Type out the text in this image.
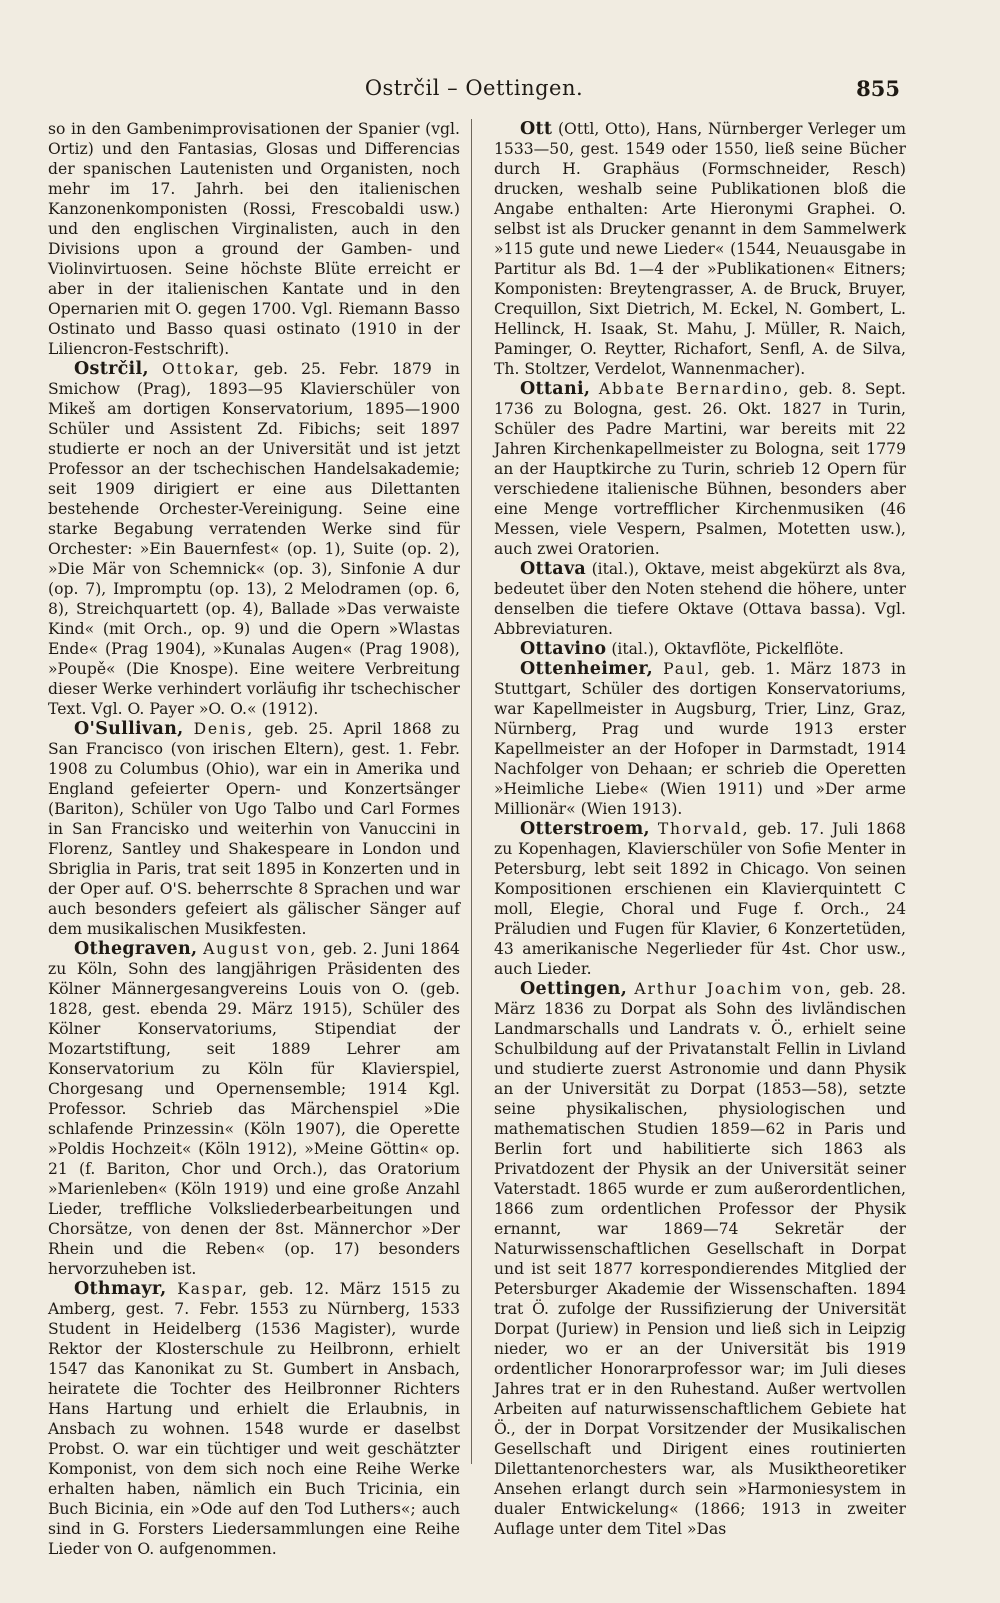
Ostrčil – Oettingen.	855

so in den Gambenimprovisationen der Spanier (vgl. Ortiz) und den Fantasias, Glosas und Differencias der spanischen Lautenisten und Organisten, noch mehr im 17. Jahrh. bei den italienischen Kanzonenkomponisten (Rossi, Frescobaldi usw.) und den englischen Virginalisten, auch in den Divisions upon a ground der Gamben- und Violinvirtuosen. Seine höchste Blüte erreicht er aber in der italienischen Kantate und in den Opernarien mit O. gegen 1700. Vgl. Riemann Basso Ostinato und Basso quasi ostinato (1910 in der Liliencron-Festschrift).

Ostrčil, Ottokar, geb. 25. Febr. 1879 in Smichow (Prag), 1893—95 Klavierschüler von Mikeš am dortigen Konservatorium, 1895—1900 Schüler und Assistent Zd. Fibichs; seit 1897 studierte er noch an der Universität und ist jetzt Professor an der tschechischen Handelsakademie; seit 1909 dirigiert er eine aus Dilettanten bestehende Orchester-Vereinigung. Seine eine starke Begabung verratenden Werke sind für Orchester: »Ein Bauernfest« (op. 1), Suite (op. 2), »Die Mär von Schemnick« (op. 3), Sinfonie A dur (op. 7), Impromptu (op. 13), 2 Melodramen (op. 6, 8), Streichquartett (op. 4), Ballade »Das verwaiste Kind« (mit Orch., op. 9) und die Opern »Wlastas Ende« (Prag 1904), »Kunalas Augen« (Prag 1908), »Poupě« (Die Knospe). Eine weitere Verbreitung dieser Werke verhindert vorläufig ihr tschechischer Text. Vgl. O. Payer »O. O.« (1912).

O'Sullivan, Denis, geb. 25. April 1868 zu San Francisco (von irischen Eltern), gest. 1. Febr. 1908 zu Columbus (Ohio), war ein in Amerika und England gefeierter Opern- und Konzertsänger (Bariton), Schüler von Ugo Talbo und Carl Formes in San Francisko und weiterhin von Vanuccini in Florenz, Santley und Shakespeare in London und Sbriglia in Paris, trat seit 1895 in Konzerten und in der Oper auf. O'S. beherrschte 8 Sprachen und war auch besonders gefeiert als gälischer Sänger auf dem musikalischen Musikfesten.

Othegraven, August von, geb. 2. Juni 1864 zu Köln, Sohn des langjährigen Präsidenten des Kölner Männergesangvereins Louis von O. (geb. 1828, gest. ebenda 29. März 1915), Schüler des Kölner Konservatoriums, Stipendiat der Mozartstiftung, seit 1889 Lehrer am Konservatorium zu Köln für Klavierspiel, Chorgesang und Opernensemble; 1914 Kgl. Professor. Schrieb das Märchenspiel »Die schlafende Prinzessin« (Köln 1907), die Operette »Poldis Hochzeit« (Köln 1912), »Meine Göttin« op. 21 (f. Bariton, Chor und Orch.), das Oratorium »Marienleben« (Köln 1919) und eine große Anzahl Lieder, treffliche Volksliederbearbeitungen und Chorsätze, von denen der 8st. Männerchor »Der Rhein und die Reben« (op. 17) besonders hervorzuheben ist.

Othmayr, Kaspar, geb. 12. März 1515 zu Amberg, gest. 7. Febr. 1553 zu Nürnberg, 1533 Student in Heidelberg (1536 Magister), wurde Rektor der Klosterschule zu Heilbronn, erhielt 1547 das Kanonikat zu St. Gumbert in Ansbach, heiratete die Tochter des Heilbronner Richters Hans Hartung und erhielt die Erlaubnis, in Ansbach zu wohnen. 1548 wurde er daselbst Probst. O. war ein tüchtiger und weit geschätzter Komponist, von dem sich noch eine Reihe Werke erhalten haben, nämlich ein Buch Tricinia, ein Buch Bicinia, ein »Ode auf den Tod Luthers«; auch sind in G. Forsters Liedersammlungen eine Reihe Lieder von O. aufgenommen.

Ott (Ottl, Otto), Hans, Nürnberger Verleger um 1533—50, gest. 1549 oder 1550, ließ seine Bücher durch H. Graphäus (Formschneider, Resch) drucken, weshalb seine Publikationen bloß die Angabe enthalten: Arte Hieronymi Graphei. O. selbst ist als Drucker genannt in dem Sammelwerk »115 gute und newe Lieder« (1544, Neuausgabe in Partitur als Bd. 1—4 der »Publikationen« Eitners; Komponisten: Breytengrasser, A. de Bruck, Bruyer, Crequillon, Sixt Dietrich, M. Eckel, N. Gombert, L. Hellinck, H. Isaak, St. Mahu, J. Müller, R. Naich, Paminger, O. Reytter, Richafort, Senfl, A. de Silva, Th. Stoltzer, Verdelot, Wannenmacher).

Ottani, Abbate Bernardino, geb. 8. Sept. 1736 zu Bologna, gest. 26. Okt. 1827 in Turin, Schüler des Padre Martini, war bereits mit 22 Jahren Kirchenkapellmeister zu Bologna, seit 1779 an der Hauptkirche zu Turin, schrieb 12 Opern für verschiedene italienische Bühnen, besonders aber eine Menge vortrefflicher Kirchenmusiken (46 Messen, viele Vespern, Psalmen, Motetten usw.), auch zwei Oratorien.

Ottava (ital.), Oktave, meist abgekürzt als 8va, bedeutet über den Noten stehend die höhere, unter denselben die tiefere Oktave (Ottava bassa). Vgl. Abbreviaturen.

Ottavino (ital.), Oktavflöte, Pickelflöte.

Ottenheimer, Paul, geb. 1. März 1873 in Stuttgart, Schüler des dortigen Konservatoriums, war Kapellmeister in Augsburg, Trier, Linz, Graz, Nürnberg, Prag und wurde 1913 erster Kapellmeister an der Hofoper in Darmstadt, 1914 Nachfolger von Dehaan; er schrieb die Operetten »Heimliche Liebe« (Wien 1911) und »Der arme Millionär« (Wien 1913).

Otterstroem, Thorvald, geb. 17. Juli 1868 zu Kopenhagen, Klavierschüler von Sofie Menter in Petersburg, lebt seit 1892 in Chicago. Von seinen Kompositionen erschienen ein Klavierquintett C moll, Elegie, Choral und Fuge f. Orch., 24 Präludien und Fugen für Klavier, 6 Konzertetüden, 43 amerikanische Negerlieder für 4st. Chor usw., auch Lieder.

Oettingen, Arthur Joachim von, geb. 28. März 1836 zu Dorpat als Sohn des livländischen Landmarschalls und Landrats v. Ö., erhielt seine Schulbildung auf der Privatanstalt Fellin in Livland und studierte zuerst Astronomie und dann Physik an der Universität zu Dorpat (1853—58), setzte seine physikalischen, physiologischen und mathematischen Studien 1859—62 in Paris und Berlin fort und habilitierte sich 1863 als Privatdozent der Physik an der Universität seiner Vaterstadt. 1865 wurde er zum außerordentlichen, 1866 zum ordentlichen Professor der Physik ernannt, war 1869—74 Sekretär der Naturwissenschaftlichen Gesellschaft in Dorpat und ist seit 1877 korrespondierendes Mitglied der Petersburger Akademie der Wissenschaften. 1894 trat Ö. zufolge der Russifizierung der Universität Dorpat (Juriew) in Pension und ließ sich in Leipzig nieder, wo er an der Universität bis 1919 ordentlicher Honorarprofessor war; im Juli dieses Jahres trat er in den Ruhestand. Außer wertvollen Arbeiten auf naturwissenschaftlichem Gebiete hat Ö., der in Dorpat Vorsitzender der Musikalischen Gesellschaft und Dirigent eines routinierten Dilettantenorchesters war, als Musiktheoretiker Ansehen erlangt durch sein »Harmoniesystem in dualer Entwickelung« (1866; 1913 in zweiter Auflage unter dem Titel »Das
